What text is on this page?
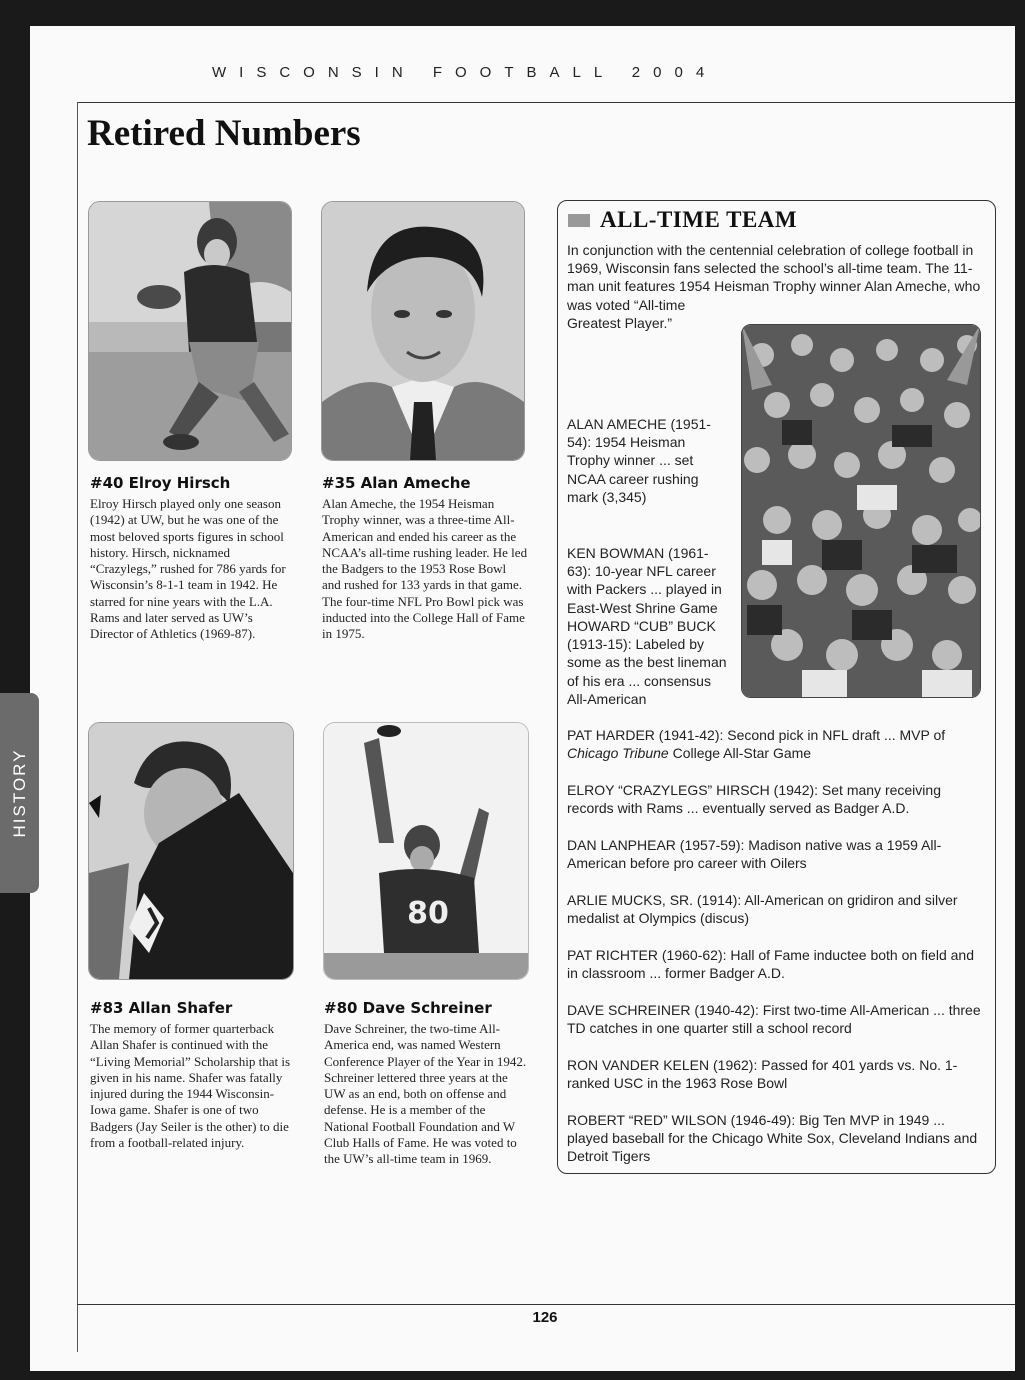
WISCONSIN FOOTBALL 2004
Retired Numbers
#40 Elroy Hirsch
Elroy Hirsch played only one season (1942) at UW, but he was one of the most beloved sports figures in school history. Hirsch, nicknamed “Crazylegs,” rushed for 786 yards for Wisconsin’s 8-1-1 team in 1942. He starred for nine years with the L.A. Rams and later served as UW’s Director of Athletics (1969-87).
#35 Alan Ameche
Alan Ameche, the 1954 Heisman Trophy winner, was a three-time All-American and ended his career as the NCAA’s all-time rushing leader. He led the Badgers to the 1953 Rose Bowl and rushed for 133 yards in that game. The four-time NFL Pro Bowl pick was inducted into the College Hall of Fame in 1975.
#83 Allan Shafer
The memory of former quarterback Allan Shafer is continued with the “Living Memorial” Scholarship that is given in his name. Shafer was fatally injured during the 1944 Wisconsin-Iowa game. Shafer is one of two Badgers (Jay Seiler is the other) to die from a football-related injury.
80
#80 Dave Schreiner
Dave Schreiner, the two-time All-America end, was named Western Conference Player of the Year in 1942. Schreiner lettered three years at the UW as an end, both on offense and defense. He is a member of the National Football Foundation and W Club Halls of Fame. He was voted to the UW’s all-time team in 1969.
ALL-TIME TEAM
In conjunction with the centennial celebration of college football in 1969, Wisconsin fans selected the school’s all-time team. The 11-man unit features 1954 Heisman Trophy winner Alan Ameche, who
was voted “All-time Greatest Player.”
ALAN AMECHE (1951-54): 1954 Heisman Trophy winner ... set NCAA career rushing mark (3,345)
KEN BOWMAN (1961-63): 10-year NFL career with Packers ... played in East-West Shrine Game
HOWARD “CUB” BUCK (1913-15): Labeled by some as the best lineman of his era ... consensus All-American
PAT HARDER (1941-42): Second pick in NFL draft ... MVP of Chicago Tribune College All-Star Game
ELROY “CRAZYLEGS” HIRSCH (1942): Set many receiving records with Rams ... eventually served as Badger A.D.
DAN LANPHEAR (1957-59): Madison native was a 1959 All-American before pro career with Oilers
ARLIE MUCKS, SR. (1914): All-American on gridiron and silver medalist at Olympics (discus)
PAT RICHTER (1960-62): Hall of Fame inductee both on field and in classroom ... former Badger A.D.
DAVE SCHREINER (1940-42): First two-time All-American ... three TD catches in one quarter still a school record
RON VANDER KELEN (1962): Passed for 401 yards vs. No. 1-ranked USC in the 1963 Rose Bowl
ROBERT “RED” WILSON (1946-49): Big Ten MVP in 1949 ... played baseball for the Chicago White Sox, Cleveland Indians and Detroit Tigers
126
HISTORY
